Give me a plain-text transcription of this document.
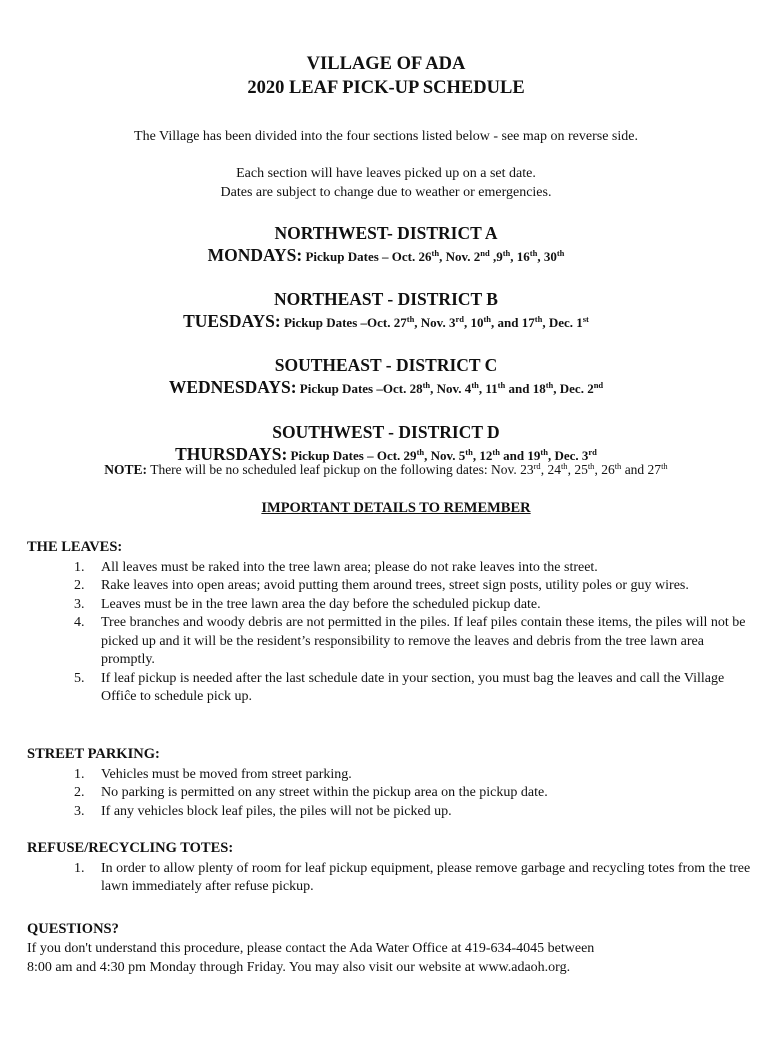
VILLAGE OF ADA
2020 LEAF PICK-UP SCHEDULE
The Village has been divided into the four sections listed below - see map on reverse side.
Each section will have leaves picked up on a set date.
Dates are subject to change due to weather or emergencies.
NORTHWEST- DISTRICT A
MONDAYS: Pickup Dates – Oct. 26th, Nov. 2nd ,9th, 16th, 30th
NORTHEAST - DISTRICT B
TUESDAYS: Pickup Dates –Oct. 27th, Nov. 3rd, 10th, and 17th, Dec. 1st
SOUTHEAST - DISTRICT C
WEDNESDAYS: Pickup Dates –Oct. 28th, Nov. 4th, 11th and 18th, Dec. 2nd
SOUTHWEST - DISTRICT D
THURSDAYS: Pickup Dates – Oct. 29th, Nov. 5th, 12th and 19th, Dec. 3rd
NOTE: There will be no scheduled leaf pickup on the following dates: Nov. 23rd, 24th, 25th, 26th and 27th
IMPORTANT DETAILS TO REMEMBER
THE LEAVES:
1. All leaves must be raked into the tree lawn area; please do not rake leaves into the street.
2. Rake leaves into open areas; avoid putting them around trees, street sign posts, utility poles or guy wires.
3. Leaves must be in the tree lawn area the day before the scheduled pickup date.
4. Tree branches and woody debris are not permitted in the piles. If leaf piles contain these items, the piles will not be picked up and it will be the resident’s responsibility to remove the leaves and debris from the tree lawn area promptly.
5. If leaf pickup is needed after the last schedule date in your section, you must bag the leaves and call the Village Offiĉe to schedule pick up.
STREET PARKING:
1. Vehicles must be moved from street parking.
2. No parking is permitted on any street within the pickup area on the pickup date.
3. If any vehicles block leaf piles, the piles will not be picked up.
REFUSE/RECYCLING TOTES:
1. In order to allow plenty of room for leaf pickup equipment, please remove garbage and recycling totes from the tree lawn immediately after refuse pickup.
QUESTIONS?
If you don't understand this procedure, please contact the Ada Water Office at 419-634-4045 between
8:00 am and 4:30 pm Monday through Friday. You may also visit our website at www.adaoh.org.
